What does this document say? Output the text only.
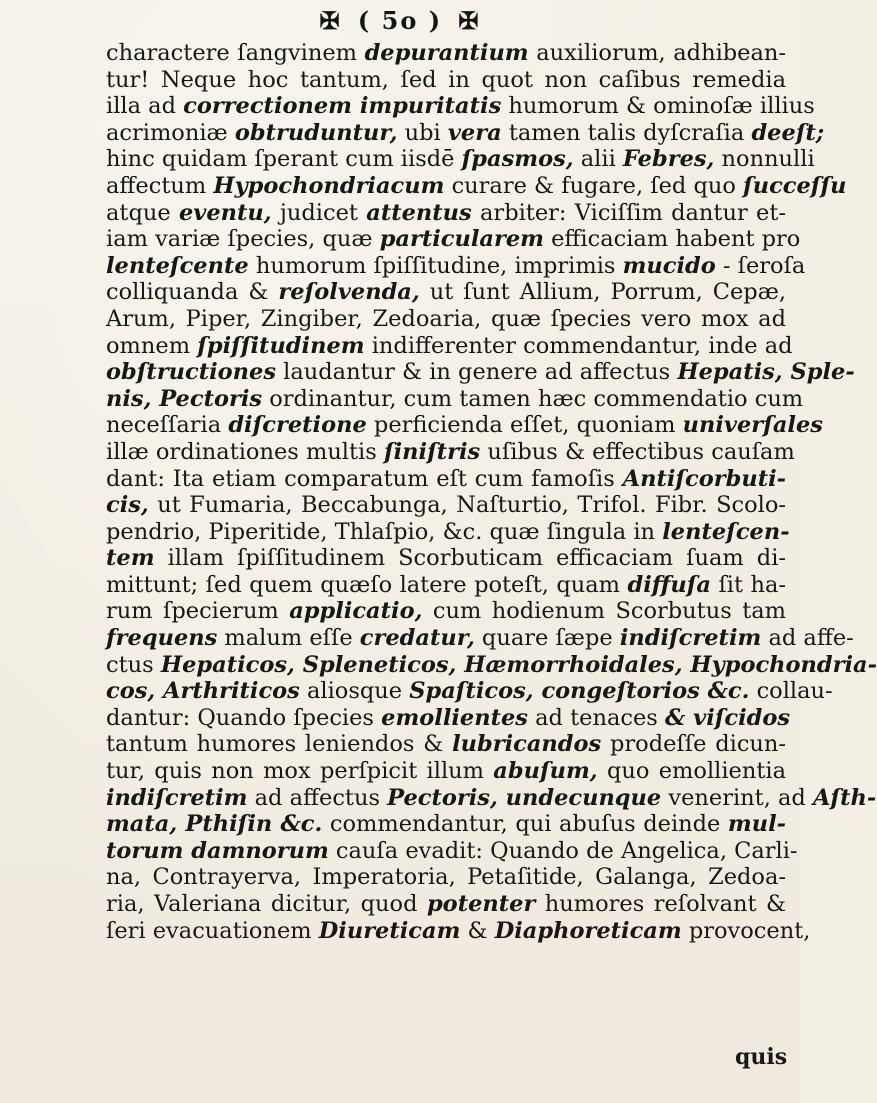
✠ ( 5o ) ✠
charactere ſangvinem depurantium auxiliorum, adhibean-
tur! Neque hoc tantum, ſed in quot non caſibus remedia
illa ad correctionem impuritatis humorum & ominoſæ illius
acrimoniæ obtruduntur, ubi vera tamen talis dyſcraſia deeſt;
hinc quidam ſperant cum iisdē ſpasmos, alii Febres, nonnulli
affectum Hypochondriacum curare & fugare, ſed quo ſucceſſu
atque eventu, judicet attentus arbiter: Viciſſim dantur et-
iam variæ ſpecies, quæ particularem efficaciam habent pro
lenteſcente humorum ſpiſſitudine, imprimis mucido - ſeroſa
colliquanda & reſolvenda, ut ſunt Allium, Porrum, Cepæ,
Arum, Piper, Zingiber, Zedoaria, quæ ſpecies vero mox ad
omnem ſpiſſitudinem indifferenter commendantur, inde ad
obſtructiones laudantur & in genere ad affectus Hepatis, Sple-
nis, Pectoris ordinantur, cum tamen hæc commendatio cum
neceſſaria diſcretione perficienda eſſet, quoniam univerſales
illæ ordinationes multis ſiniſtris uſibus & effectibus cauſam
dant: Ita etiam comparatum eſt cum famoſis Antiſcorbuti-
cis, ut Fumaria, Beccabunga, Naſturtio, Trifol. Fibr. Scolo-
pendrio, Piperitide, Thlaſpio, &c. quæ ſingula in lenteſcen-
tem illam ſpiſſitudinem Scorbuticam efficaciam ſuam di-
mittunt; ſed quem quæſo latere poteſt, quam diffuſa ſit ha-
rum ſpecierum applicatio, cum hodienum Scorbutus tam
frequens malum eſſe credatur, quare ſæpe indiſcretim ad affe-
ctus Hepaticos, Spleneticos, Hæmorrhoidales, Hypochondria-
cos, Arthriticos aliosque Spaſticos, congeſtorios &c. collau-
dantur: Quando ſpecies emollientes ad tenaces & viſcidos
tantum humores leniendos & lubricandos prodeſſe dicun-
tur, quis non mox perſpicit illum abuſum, quo emollientia
indiſcretim ad affectus Pectoris, undecunque venerint, ad Aſth-
mata, Pthiſin &c. commendantur, qui abuſus deinde mul-
torum damnorum cauſa evadit: Quando de Angelica, Carli-
na, Contrayerva, Imperatoria, Petaſitide, Galanga, Zedoa-
ria, Valeriana dicitur, quod potenter humores reſolvant &
ſeri evacuationem Diureticam & Diaphoreticam provocent,
quis
